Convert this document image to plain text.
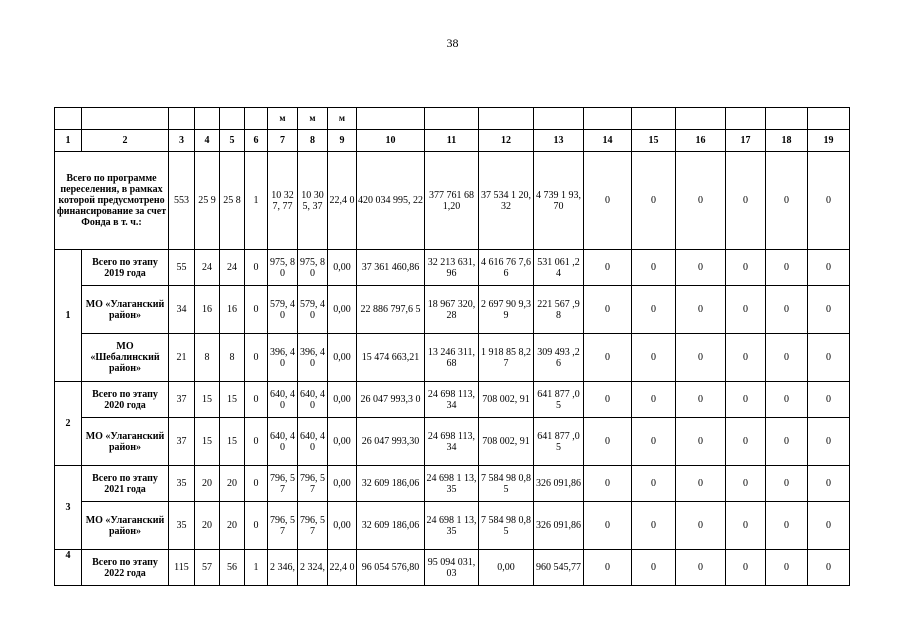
38
						м	м	м										
1	2	3	4	5	6	7	8	9	10	11	12	13	14	15	16	17	18	19
Всего по программе переселения, в рамках которой предусмотрено финансирование за счет Фонда в т. ч.:		553	25 9	25 8	1	10 327, 77	10 305, 37	22,4 0	420 034 995, 22	377 761 681,20	37 534 1 20,32	4 739 1 93,70	0	0	0	0	0	0
1	Всего по этапу 2019 года	55	24	24	0	975, 80	975, 80	0,00	37 361 460,86	32 213 631,96	4 616 76 7,66	531 061 ,24	0	0	0	0	0	0
	МО «Улаганский район»	34	16	16	0	579, 40	579, 40	0,00	22 886 797,6 5	18 967 320,28	2 697 90 9,39	221 567 ,98	0	0	0	0	0	0
	МО «Шебалинский район»	21	8	8	0	396, 40	396, 40	0,00	15 474 663,21	13 246 311,68	1 918 85 8,27	309 493 ,26	0	0	0	0	0	0
2	Всего по этапу 2020 года	37	15	15	0	640, 40	640, 40	0,00	26 047 993,3 0	24 698 113,34	708 002, 91	641 877 ,05	0	0	0	0	0	0
	МО «Улаганский район»	37	15	15	0	640, 40	640, 40	0,00	26 047 993,30	24 698 113,34	708 002, 91	641 877 ,05	0	0	0	0	0	0
3	Всего по этапу 2021 года	35	20	20	0	796, 57	796, 57	0,00	32 609 186,06	24 698 1 13,35	7 584 98 0,85	326 091,86	0	0	0	0	0	0
	МО «Улаганский район»	35	20	20	0	796, 57	796, 57	0,00	32 609 186,06	24 698 1 13,35	7 584 98 0,85	326 091,86	0	0	0	0	0	0
4	Всего по этапу 2022 года	115	57	56	1	2 346,	2 324,	22,4 0	96 054 576,80	95 094 031,03	0,00	960 545,77	0	0	0	0	0	0
